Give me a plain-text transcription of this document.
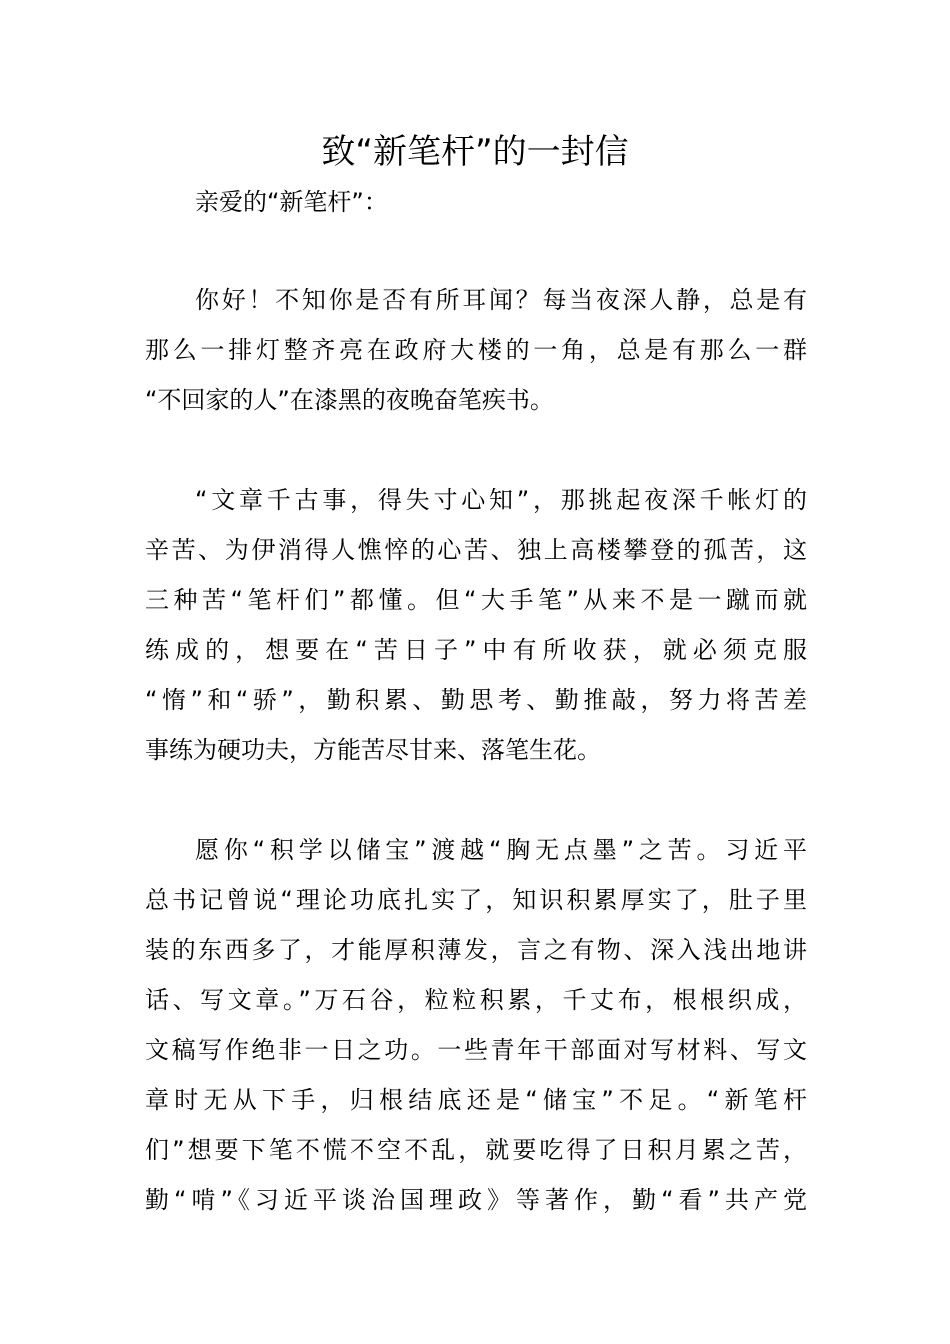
致“新笔杆”的一封信

亲爱的“新笔杆”：

你好！不知你是否有所耳闻？每当夜深人静，总是有
那么一排灯整齐亮在政府大楼的一角，总是有那么一群
“不回家的人”在漆黑的夜晚奋笔疾书。
“文章千古事，得失寸心知”，那挑起夜深千帐灯的
辛苦、为伊消得人憔悴的心苦、独上高楼攀登的孤苦，这
三种苦“笔杆们”都懂。但“大手笔”从来不是一蹴而就
练成的，想要在“苦日子”中有所收获，就必须克服
“惰”和“骄”，勤积累、勤思考、勤推敲，努力将苦差
事练为硬功夫，方能苦尽甘来、落笔生花。
愿你“积学以储宝”渡越“胸无点墨”之苦。习近平
总书记曾说“理论功底扎实了，知识积累厚实了，肚子里
装的东西多了，才能厚积薄发，言之有物、深入浅出地讲
话、写文章。”万石谷，粒粒积累，千丈布，根根织成，
文稿写作绝非一日之功。一些青年干部面对写材料、写文
章时无从下手，归根结底还是“储宝”不足。“新笔杆
们”想要下笔不慌不空不乱，就要吃得了日积月累之苦，
勤“啃”《习近平谈治国理政》等著作，勤“看”共产党
